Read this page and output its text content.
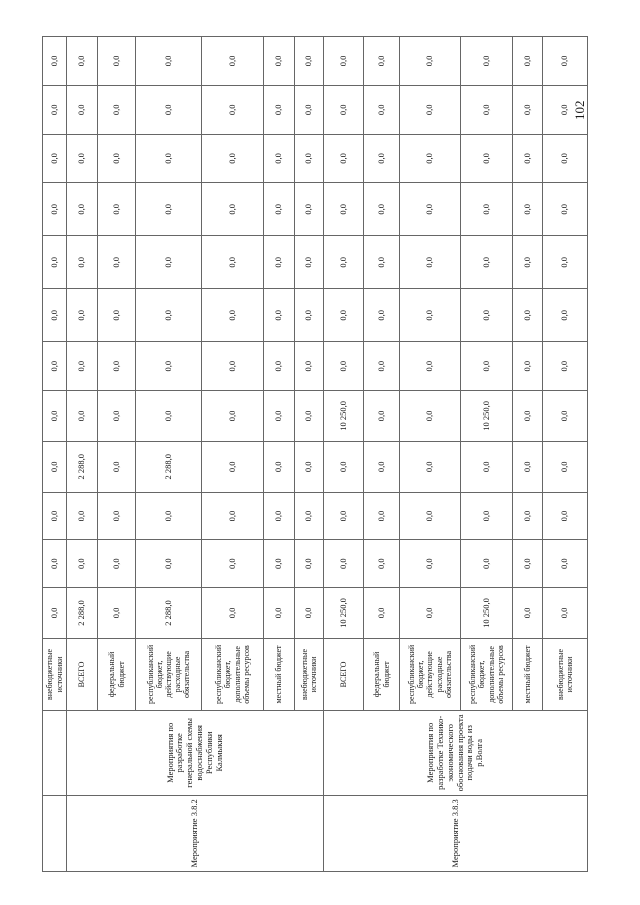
		внебюджетные источники	0,0	0,0	0,0	0,0	0,0	0,0	0,0	0,0	0,0	0,0	0,0	0,0
Мероприятие 3.8.2	Мероприятия по разработке генеральной схемы водоснабжения Республики Калмыкия	ВСЕГО	2 288,0	0,0	0,0	2 288,0	0,0	0,0	0,0	0,0	0,0	0,0	0,0	0,0
		федеральный бюджет	0,0	0,0	0,0	0,0	0,0	0,0	0,0	0,0	0,0	0,0	0,0	0,0
		республиканский бюджет, действующие расходные обязательства	2 288,0	0,0	0,0	2 288,0	0,0	0,0	0,0	0,0	0,0	0,0	0,0	0,0
		республиканский бюджет, дополнительные объемы ресурсов	0,0	0,0	0,0	0,0	0,0	0,0	0,0	0,0	0,0	0,0	0,0	0,0
		местный бюджет	0,0	0,0	0,0	0,0	0,0	0,0	0,0	0,0	0,0	0,0	0,0	0,0
		внебюджетные источники	0,0	0,0	0,0	0,0	0,0	0,0	0,0	0,0	0,0	0,0	0,0	0,0
Мероприятие 3.8.3	Мероприятия по разработке Технико-экономического обоснования проекта подачи воды из р.Волга	ВСЕГО	10 250,0	0,0	0,0	0,0	10 250,0	0,0	0,0	0,0	0,0	0,0	0,0	0,0
		федеральный бюджет	0,0	0,0	0,0	0,0	0,0	0,0	0,0	0,0	0,0	0,0	0,0	0,0
		республиканский бюджет, действующие расходные обязательства	0,0	0,0	0,0	0,0	0,0	0,0	0,0	0,0	0,0	0,0	0,0	0,0
		республиканский бюджет, дополнительные объемы ресурсов	10 250,0	0,0	0,0	0,0	10 250,0	0,0	0,0	0,0	0,0	0,0	0,0	0,0
		местный бюджет	0,0	0,0	0,0	0,0	0,0	0,0	0,0	0,0	0,0	0,0	0,0	0,0
		внебюджетные источники	0,0	0,0	0,0	0,0	0,0	0,0	0,0	0,0	0,0	0,0	0,0	0,0
102
